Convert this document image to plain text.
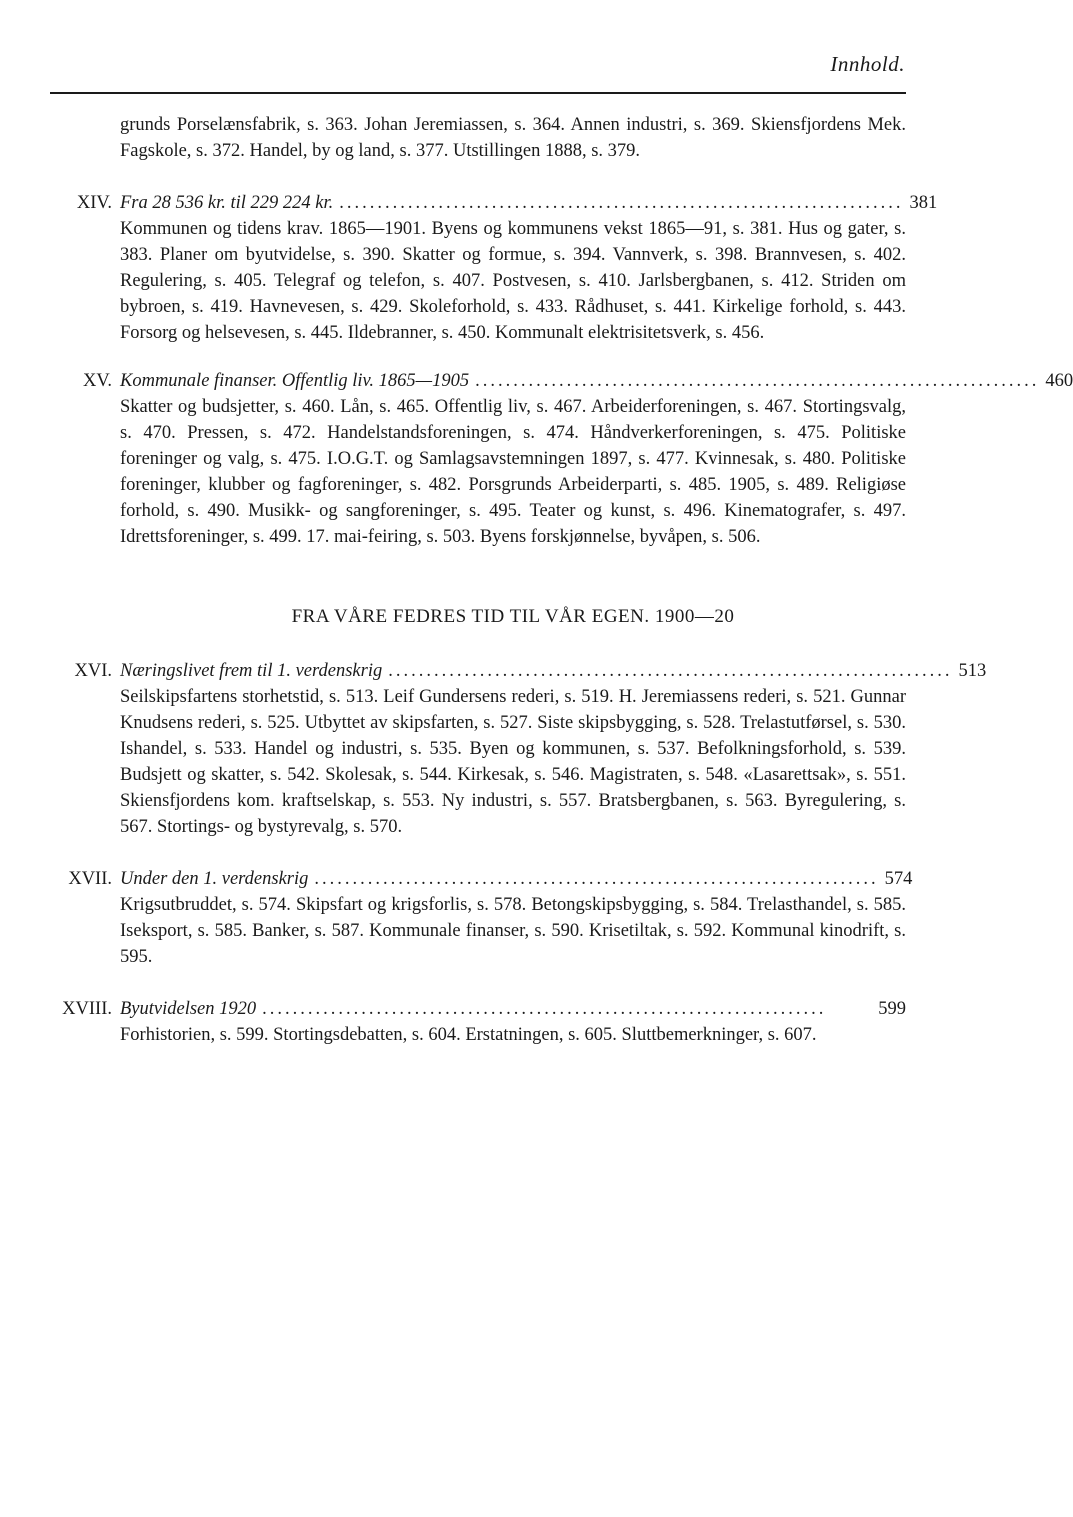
Innhold.

grunds Porselænsfabrik, s. 363. Johan Jeremiassen, s. 364. Annen industri, s. 369. Skiensfjordens Mek. Fagskole, s. 372. Handel, by og land, s. 377. Utstillingen 1888, s. 379.

XIV. Fra 28 536 kr. til 229 224 kr. .......................................................................... 381
Kommunen og tidens krav. 1865—1901. Byens og kommunens vekst 1865—91, s. 381. Hus og gater, s. 383. Planer om byutvidelse, s. 390. Skatter og formue, s. 394. Vannverk, s. 398. Brannvesen, s. 402. Regulering, s. 405. Telegraf og telefon, s. 407. Postvesen, s. 410. Jarlsbergbanen, s. 412. Striden om bybroen, s. 419. Havnevesen, s. 429. Skoleforhold, s. 433. Rådhuset, s. 441. Kirkelige forhold, s. 443. Forsorg og helsevesen, s. 445. Ildebranner, s. 450. Kommunalt elektrisitetsverk, s. 456.
XV. Kommunale finanser. Offentlig liv. 1865—1905 .......................................................................... 460
Skatter og budsjetter, s. 460. Lån, s. 465. Offentlig liv, s. 467. Arbeiderforeningen, s. 467. Stortingsvalg, s. 470. Pressen, s. 472. Handelstandsforeningen, s. 474. Håndverkerforeningen, s. 475. Politiske foreninger og valg, s. 475. I.O.G.T. og Samlagsavstemningen 1897, s. 477. Kvinnesak, s. 480. Politiske foreninger, klubber og fagforeninger, s. 482. Porsgrunds Arbeiderparti, s. 485. 1905, s. 489. Religiøse forhold, s. 490. Musikk- og sangforeninger, s. 495. Teater og kunst, s. 496. Kinematografer, s. 497. Idrettsforeninger, s. 499. 17. mai-feiring, s. 503. Byens forskjønnelse, byvåpen, s. 506.
FRA VÅRE FEDRES TID TIL VÅR EGEN. 1900—20
XVI. Næringslivet frem til 1. verdenskrig .......................................................................... 513
Seilskipsfartens storhetstid, s. 513. Leif Gundersens rederi, s. 519. H. Jeremiassens rederi, s. 521. Gunnar Knudsens rederi, s. 525. Utbyttet av skipsfarten, s. 527. Siste skipsbygging, s. 528. Trelastutførsel, s. 530. Ishandel, s. 533. Handel og industri, s. 535. Byen og kommunen, s. 537. Befolkningsforhold, s. 539. Budsjett og skatter, s. 542. Skolesak, s. 544. Kirkesak, s. 546. Magistraten, s. 548. «Lasarettsak», s. 551. Skiensfjordens kom. kraftselskap, s. 553. Ny industri, s. 557. Bratsbergbanen, s. 563. Byregulering, s. 567. Stortings- og bystyrevalg, s. 570.
XVII. Under den 1. verdenskrig .......................................................................... 574
Krigsutbruddet, s. 574. Skipsfart og krigsforlis, s. 578. Betongskipsbygging, s. 584. Trelasthandel, s. 585. Iseksport, s. 585. Banker, s. 587. Kommunale finanser, s. 590. Krisetiltak, s. 592. Kommunal kinodrift, s. 595.
XVIII. Byutvidelsen 1920 ..........................................................................	599
Forhistorien, s. 599. Stortingsdebatten, s. 604. Erstatningen, s. 605. Sluttbemerkninger, s. 607.
